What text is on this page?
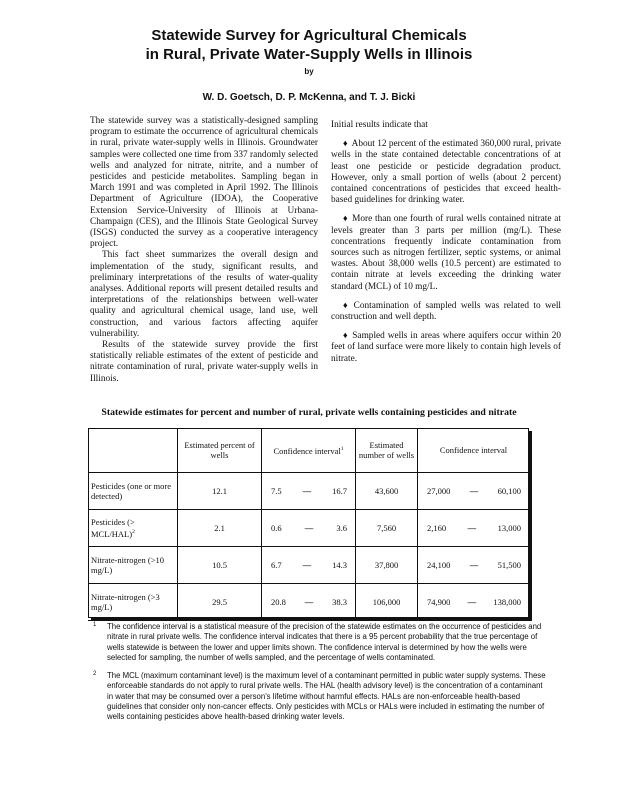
Statewide Survey for Agricultural Chemicals
in Rural, Private Water-Supply Wells in Illinois
by
W. D. Goetsch, D. P. McKenna, and T. J. Bicki

The statewide survey was a statistically-designed sampling program to estimate the occurrence of agricultural chemicals in rural, private water-supply wells in Illinois. Groundwater samples were collected one time from 337 randomly selected wells and analyzed for nitrate, nitrite, and a number of pesticides and pesticide metabolites. Sampling began in March 1991 and was completed in April 1992. The Illinois Department of Agriculture (IDOA), the Cooperative Extension Service-University of Illinois at Urbana-Champaign (CES), and the Illinois State Geological Survey (ISGS) conducted the survey as a cooperative interagency project.

This fact sheet summarizes the overall design and implementation of the study, significant results, and preliminary interpretations of the results of water-quality analyses. Additional reports will present detailed results and interpretations of the relationships between well-water quality and agricultural chemical usage, land use, well construction, and various factors affecting aquifer vulnerability.

Results of the statewide survey provide the first statistically reliable estimates of the extent of pesticide and nitrate contamination of rural, private water-supply wells in Illinois.

Initial results indicate that

♦ About 12 percent of the estimated 360,000 rural, private wells in the state contained detectable concentrations of at least one pesticide or pesticide degradation product. However, only a small portion of wells (about 2 percent) contained concentrations of pesticides that exceed health-based guidelines for drinking water.

♦ More than one fourth of rural wells contained nitrate at levels greater than 3 parts per million (mg/L). These concentrations frequently indicate contamination from sources such as nitrogen fertilizer, septic systems, or animal wastes. About 38,000 wells (10.5 percent) are estimated to contain nitrate at levels exceeding the drinking water standard (MCL) of 10 mg/L.

♦ Contamination of sampled wells was related to well construction and well depth.

♦ Sampled wells in areas where aquifers occur within 20 feet of land surface were more likely to contain high levels of nitrate.

Statewide estimates for percent and number of rural, private wells containing pesticides and nitrate
	Estimated percent of wells	Confidence interval$^1$	Estimated number of wells	Confidence interval
Pesticides (one or more detected)	12.1	7.5 — 16.7	43,600	27,000 — 60,100

Pesticides (> MCL/HAL)$^2$	2.1	0.6 — 3.6	7,560	2,160 — 13,000

Nitrate-nitrogen (>10 mg/L)	10.5	6.7 — 14.3	37,800	24,100 — 51,500

Nitrate-nitrogen (>3 mg/L)	29.5	20.8 — 38.3	106,000	74,900 — 138,000
1 The confidence interval is a statistical measure of the precision of the statewide estimates on the occurrence of pesticides and nitrate in rural private wells. The confidence interval indicates that there is a 95 percent probability that the true percentage of wells statewide is between the lower and upper limits shown. The confidence interval is determined by how the wells were selected for sampling, the number of wells sampled, and the percentage of wells contaminated.
2 The MCL (maximum contaminant level) is the maximum level of a contaminant permitted in public water supply systems. These enforceable standards do not apply to rural private wells. The HAL (health advisory level) is the concentration of a contaminant in water that may be consumed over a person's lifetime without harmful effects. HALs are non-enforceable health-based guidelines that consider only non-cancer effects. Only pesticides with MCLs or HALs were included in estimating the number of wells containing pesticides above health-based drinking water levels.
